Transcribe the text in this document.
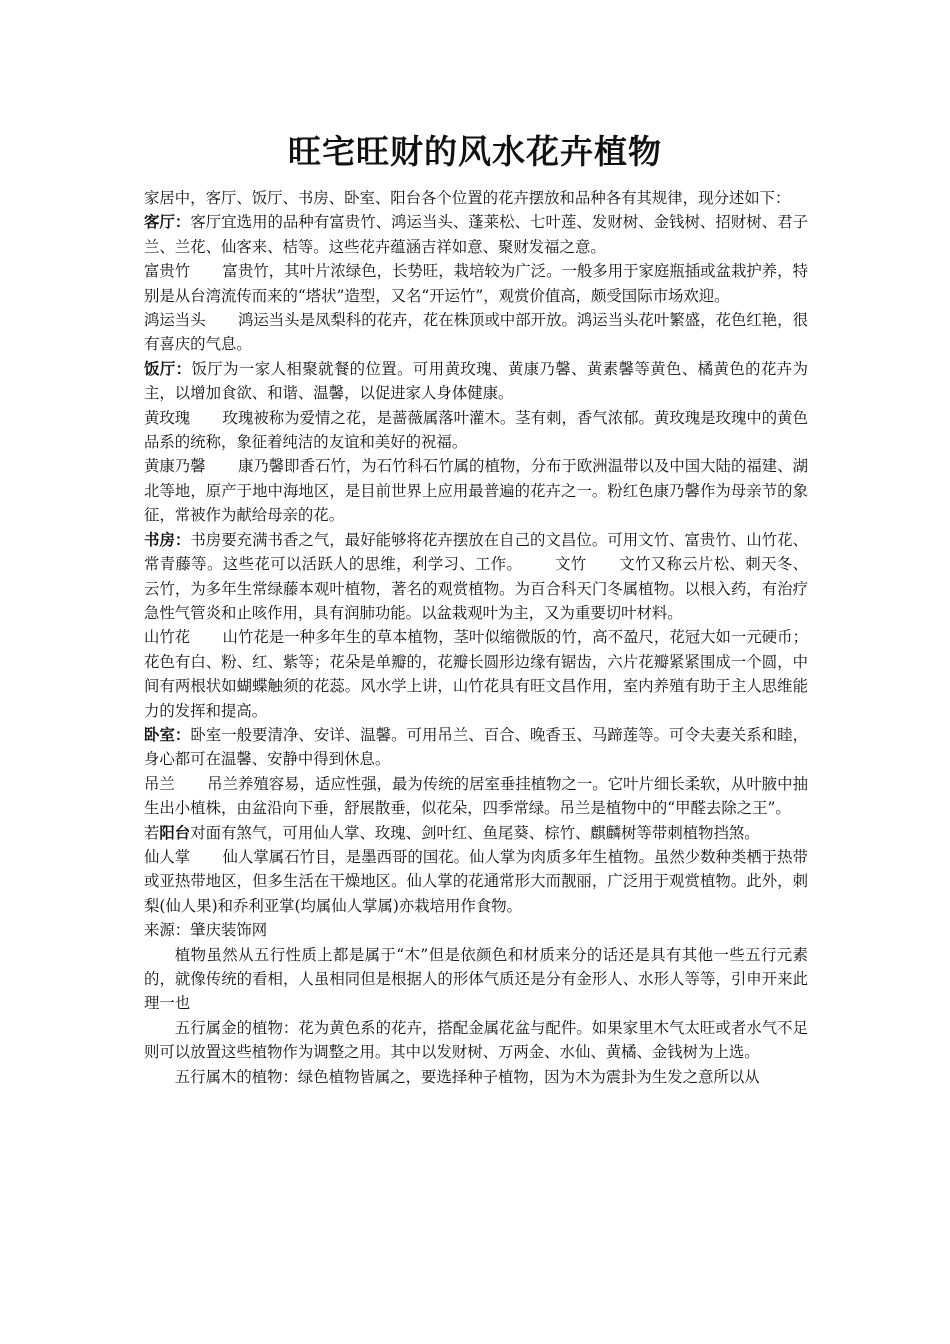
旺宅旺财的风水花卉植物

家居中，客厅、饭厅、书房、卧室、阳台各个位置的花卉摆放和品种各有其规律，现分述如下：

客厅：客厅宜选用的品种有富贵竹、鸿运当头、蓬莱松、七叶莲、发财树、金钱树、招财树、君子兰、兰花、仙客来、桔等。这些花卉蕴涵吉祥如意、聚财发福之意。

富贵竹 富贵竹，其叶片浓绿色，长势旺，栽培较为广泛。一般多用于家庭瓶插或盆栽护养，特别是从台湾流传而来的“塔状”造型，又名“开运竹”，观赏价值高，颇受国际市场欢迎。

鸿运当头 鸿运当头是凤梨科的花卉，花在株顶或中部开放。鸿运当头花叶繁盛，花色红艳，很有喜庆的气息。

饭厅：饭厅为一家人相聚就餐的位置。可用黄玫瑰、黄康乃馨、黄素馨等黄色、橘黄色的花卉为主，以增加食欲、和谐、温馨，以促进家人身体健康。

黄玫瑰 玫瑰被称为爱情之花，是蔷薇属落叶灌木。茎有刺，香气浓郁。黄玫瑰是玫瑰中的黄色品系的统称，象征着纯洁的友谊和美好的祝福。

黄康乃馨 康乃馨即香石竹，为石竹科石竹属的植物，分布于欧洲温带以及中国大陆的福建、湖北等地，原产于地中海地区，是目前世界上应用最普遍的花卉之一。粉红色康乃馨作为母亲节的象征，常被作为献给母亲的花。

书房：书房要充满书香之气，最好能够将花卉摆放在自己的文昌位。可用文竹、富贵竹、山竹花、常青藤等。这些花可以活跃人的思维，利学习、工作。 文竹 文竹又称云片松、刺天冬、云竹，为多年生常绿藤本观叶植物，著名的观赏植物。为百合科天门冬属植物。以根入药，有治疗急性气管炎和止咳作用，具有润肺功能。以盆栽观叶为主，又为重要切叶材料。

山竹花 山竹花是一种多年生的草本植物，茎叶似缩微版的竹，高不盈尺，花冠大如一元硬币；花色有白、粉、红、紫等；花朵是单瓣的，花瓣长圆形边缘有锯齿，六片花瓣紧紧围成一个圆，中间有两根状如蝴蝶触须的花蕊。风水学上讲，山竹花具有旺文昌作用，室内养殖有助于主人思维能力的发挥和提高。

卧室：卧室一般要清净、安详、温馨。可用吊兰、百合、晚香玉、马蹄莲等。可令夫妻关系和睦，身心都可在温馨、安静中得到休息。

吊兰 吊兰养殖容易，适应性强，最为传统的居室垂挂植物之一。它叶片细长柔软，从叶腋中抽生出小植株，由盆沿向下垂，舒展散垂，似花朵，四季常绿。吊兰是植物中的“甲醛去除之王”。

若阳台对面有煞气，可用仙人掌、玫瑰、剑叶红、鱼尾葵、棕竹、麒麟树等带刺植物挡煞。

仙人掌 仙人掌属石竹目，是墨西哥的国花。仙人掌为肉质多年生植物。虽然少数种类栖于热带或亚热带地区，但多生活在干燥地区。仙人掌的花通常形大而靓丽，广泛用于观赏植物。此外，刺梨(仙人果)和乔利亚掌(均属仙人掌属)亦栽培用作食物。

来源：肇庆装饰网

植物虽然从五行性质上都是属于“木”但是依颜色和材质来分的话还是具有其他一些五行元素的，就像传统的看相，人虽相同但是根据人的形体气质还是分有金形人、水形人等等，引申开来此理一也

五行属金的植物：花为黄色系的花卉，搭配金属花盆与配件。如果家里木气太旺或者水气不足则可以放置这些植物作为调整之用。其中以发财树、万两金、水仙、黄橘、金钱树为上选。

五行属木的植物：绿色植物皆属之，要选择种子植物，因为木为震卦为生发之意所以从
